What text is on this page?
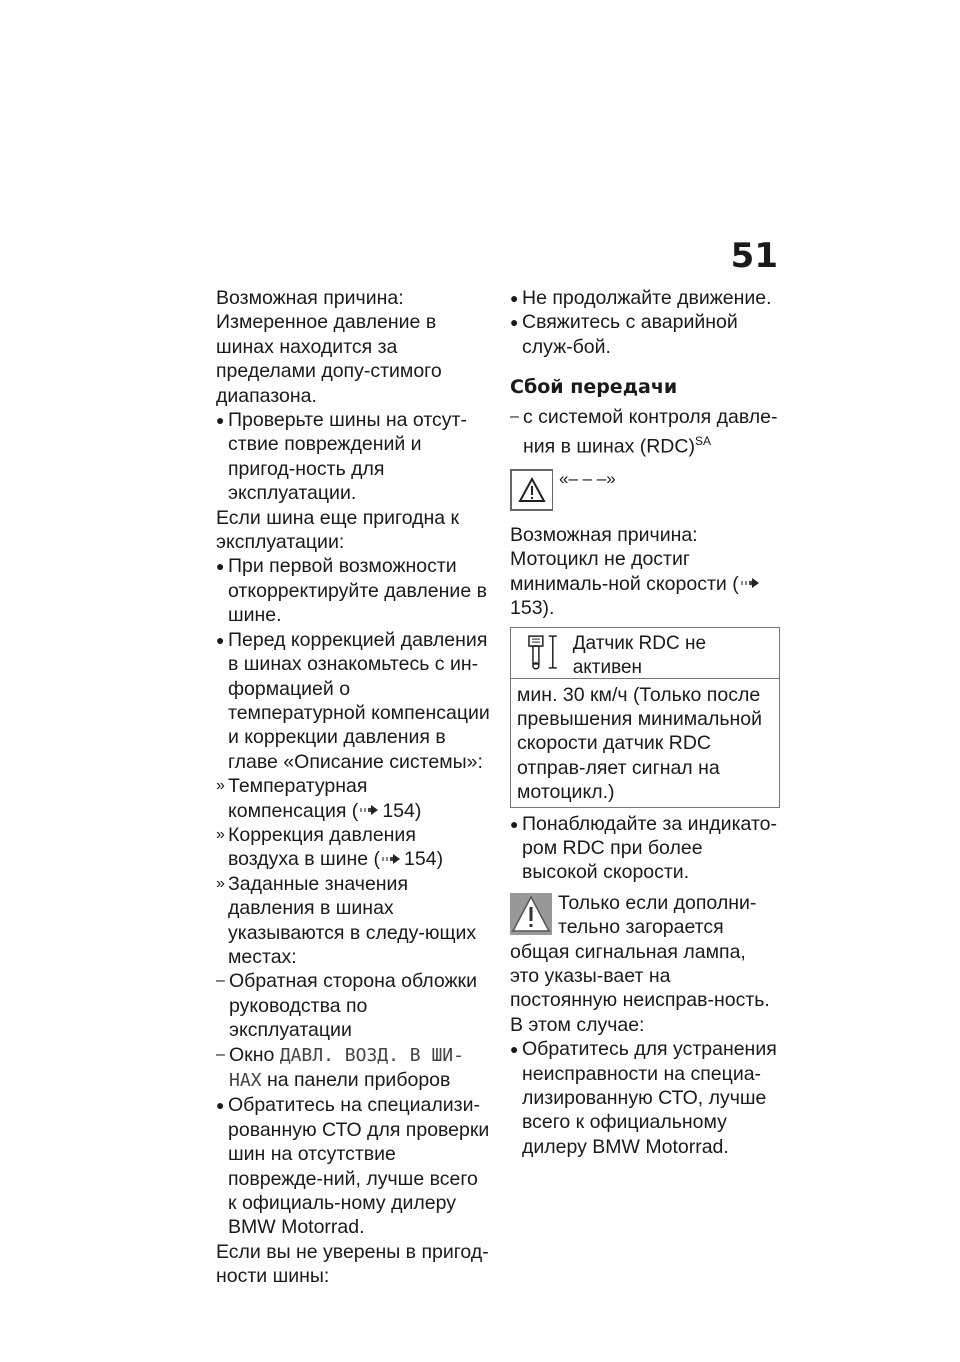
51

Возможная причина:

Измеренное давление в шинах находится за пределами допу-стимого диапазона.

● Проверьте шины на отсут-ствие повреждений и пригод-ность для эксплуатации.

Если шина еще пригодна к эксплуатации:

● При первой возможности откорректируйте давление в шине.
● Перед коррекцией давления в шинах ознакомьтесь с ин-формацией о температурной компенсации и коррекции давления в главе «Описание системы»:
» Температурная компенсация ( 154)
» Коррекция давления воздуха в шине ( 154)
» Заданные значения давления в шинах указываются в следу-ющих местах:
– Обратная сторона обложки руководства по эксплуатации
– Окно ДАВЛ. ВОЗД. В ШИ-НАХ на панели приборов
● Обратитесь на специализи-рованную СТО для проверки шин на отсутствие поврежде-ний, лучше всего к официаль-ному дилеру BMW Motorrad.

Если вы не уверены в пригод-ности шины:

● Не продолжайте движение.
● Свяжитесь с аварийной служ-бой.
Сбой передачи
– с системой контроля давле-ния в шинах (RDC)$^{SA}$
«– – –»

Возможная причина:

Мотоцикл не достиг минималь-ной скорости (153).

Датчик RDC не активен
мин. 30 км/ч (Только после превышения минимальной скорости датчик RDC отправ-ляет сигнал на мотоцикл.)
● Понаблюдайте за индикато-ром RDC при более высокой скорости.
Только если дополни-тельно загорается общая сигнальная лампа, это указы-вает на постоянную неисправ-ность.

В этом случае:

● Обратитесь для устранения неисправности на специа-лизированную СТО, лучше всего к официальному дилеру BMW Motorrad.
